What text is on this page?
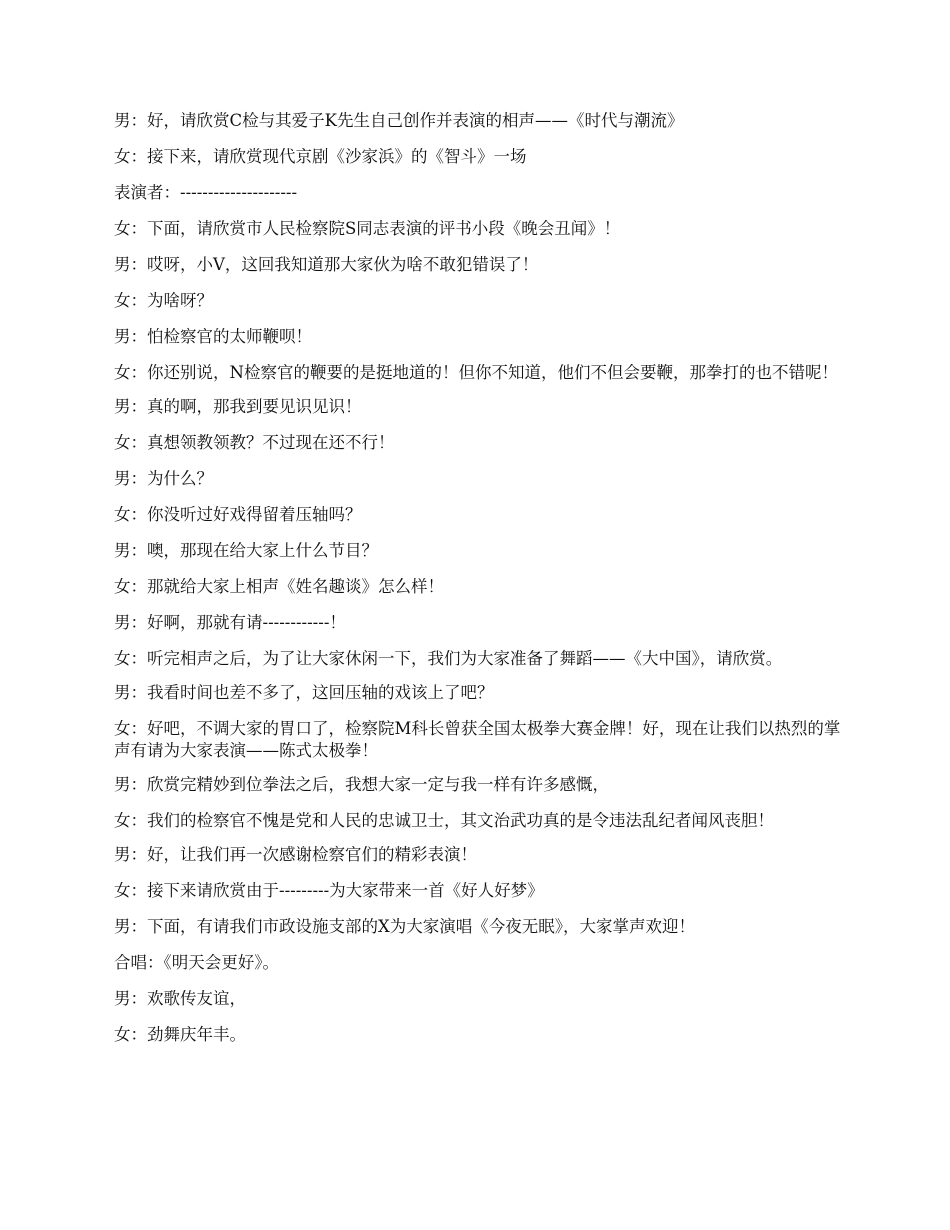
男：好，请欣赏C检与其爱子K先生自己创作并表演的相声——《时代与潮流》

女：接下来，请欣赏现代京剧《沙家浜》的《智斗》一场

表演者：---------------------

女：下面，请欣赏市人民检察院S同志表演的评书小段《晚会丑闻》！

男：哎呀，小V，这回我知道那大家伙为啥不敢犯错误了！

女：为啥呀？

男：怕检察官的太师鞭呗！

女：你还别说，N检察官的鞭要的是挺地道的！但你不知道，他们不但会要鞭，那拳打的也不错呢！

男：真的啊，那我到要见识见识！

女：真想领教领教？不过现在还不行！

男：为什么？

女：你没听过好戏得留着压轴吗？

男：噢，那现在给大家上什么节目？

女：那就给大家上相声《姓名趣谈》怎么样！

男：好啊，那就有请------------！

女：听完相声之后，为了让大家休闲一下，我们为大家准备了舞蹈——《大中国》，请欣赏。

男：我看时间也差不多了，这回压轴的戏该上了吧？

女：好吧，不调大家的胃口了，检察院M科长曾获全国太极拳大赛金牌！好，现在让我们以热烈的掌声有请为大家表演——陈式太极拳！

男：欣赏完精妙到位拳法之后，我想大家一定与我一样有许多感慨，

女：我们的检察官不愧是党和人民的忠诚卫士，其文治武功真的是令违法乱纪者闻风丧胆！

男：好，让我们再一次感谢检察官们的精彩表演！

女：接下来请欣赏由于---------为大家带来一首《好人好梦》

男：下面，有请我们市政设施支部的X为大家演唱《今夜无眠》，大家掌声欢迎！

合唱：《明天会更好》。

男：欢歌传友谊，

女：劲舞庆年丰。
